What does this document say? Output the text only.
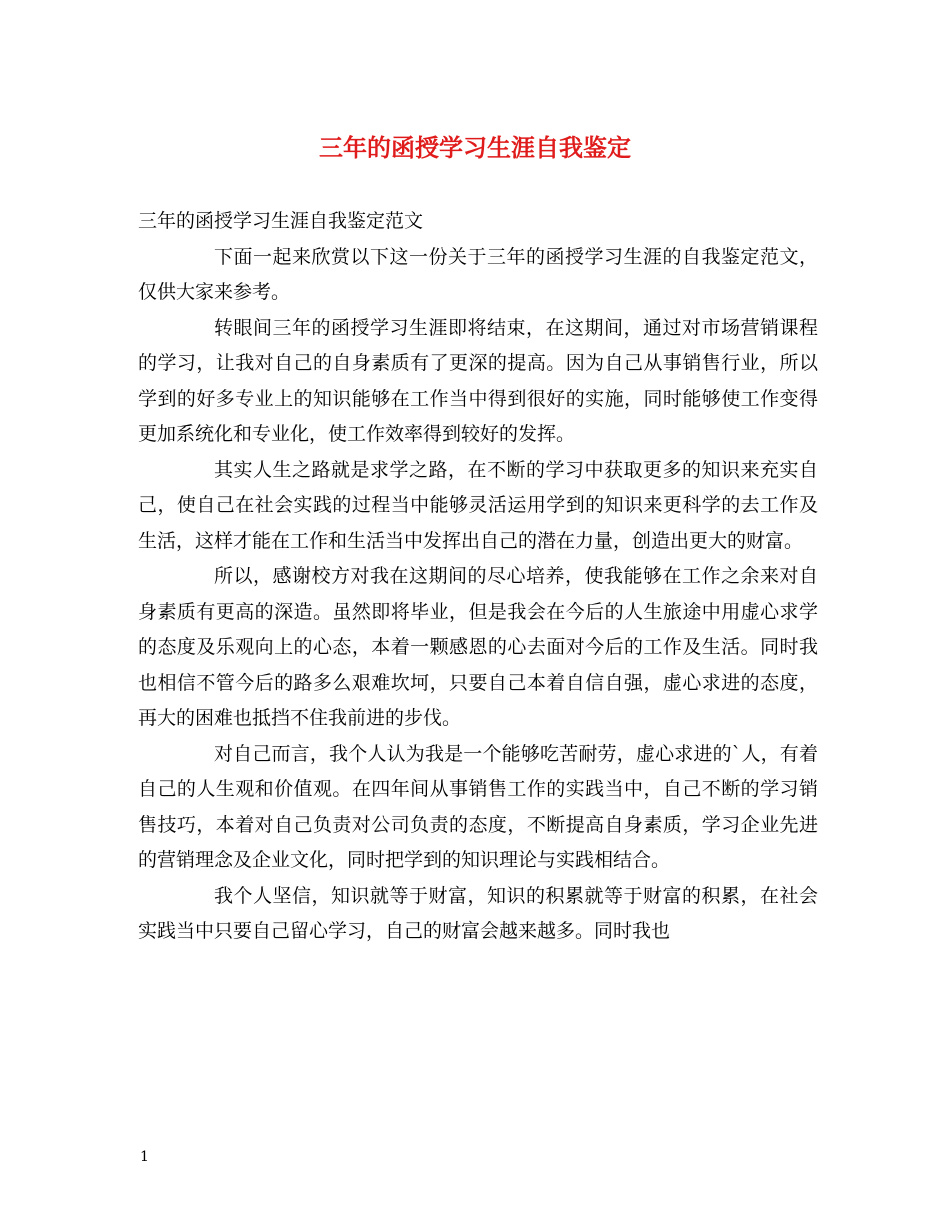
三年的函授学习生涯自我鉴定

三年的函授学习生涯自我鉴定范文

下面一起来欣赏以下这一份关于三年的函授学习生涯的自我鉴定范文，仅供大家来参考。

转眼间三年的函授学习生涯即将结束，在这期间，通过对市场营销课程的学习，让我对自己的自身素质有了更深的提高。因为自己从事销售行业，所以学到的好多专业上的知识能够在工作当中得到很好的实施，同时能够使工作变得更加系统化和专业化，使工作效率得到较好的发挥。

其实人生之路就是求学之路，在不断的学习中获取更多的知识来充实自己，使自己在社会实践的过程当中能够灵活运用学到的知识来更科学的去工作及生活，这样才能在工作和生活当中发挥出自己的潜在力量，创造出更大的财富。

所以，感谢校方对我在这期间的尽心培养，使我能够在工作之余来对自身素质有更高的深造。虽然即将毕业，但是我会在今后的人生旅途中用虚心求学的态度及乐观向上的心态，本着一颗感恩的心去面对今后的工作及生活。同时我也相信不管今后的路多么艰难坎坷，只要自己本着自信自强，虚心求进的态度，再大的困难也抵挡不住我前进的步伐。

对自己而言，我个人认为我是一个能够吃苦耐劳，虚心求进的`人，有着自己的人生观和价值观。在四年间从事销售工作的实践当中，自己不断的学习销售技巧，本着对自己负责对公司负责的态度，不断提高自身素质，学习企业先进的营销理念及企业文化，同时把学到的知识理论与实践相结合。

我个人坚信，知识就等于财富，知识的积累就等于财富的积累，在社会实践当中只要自己留心学习，自己的财富会越来越多。同时我也

1
